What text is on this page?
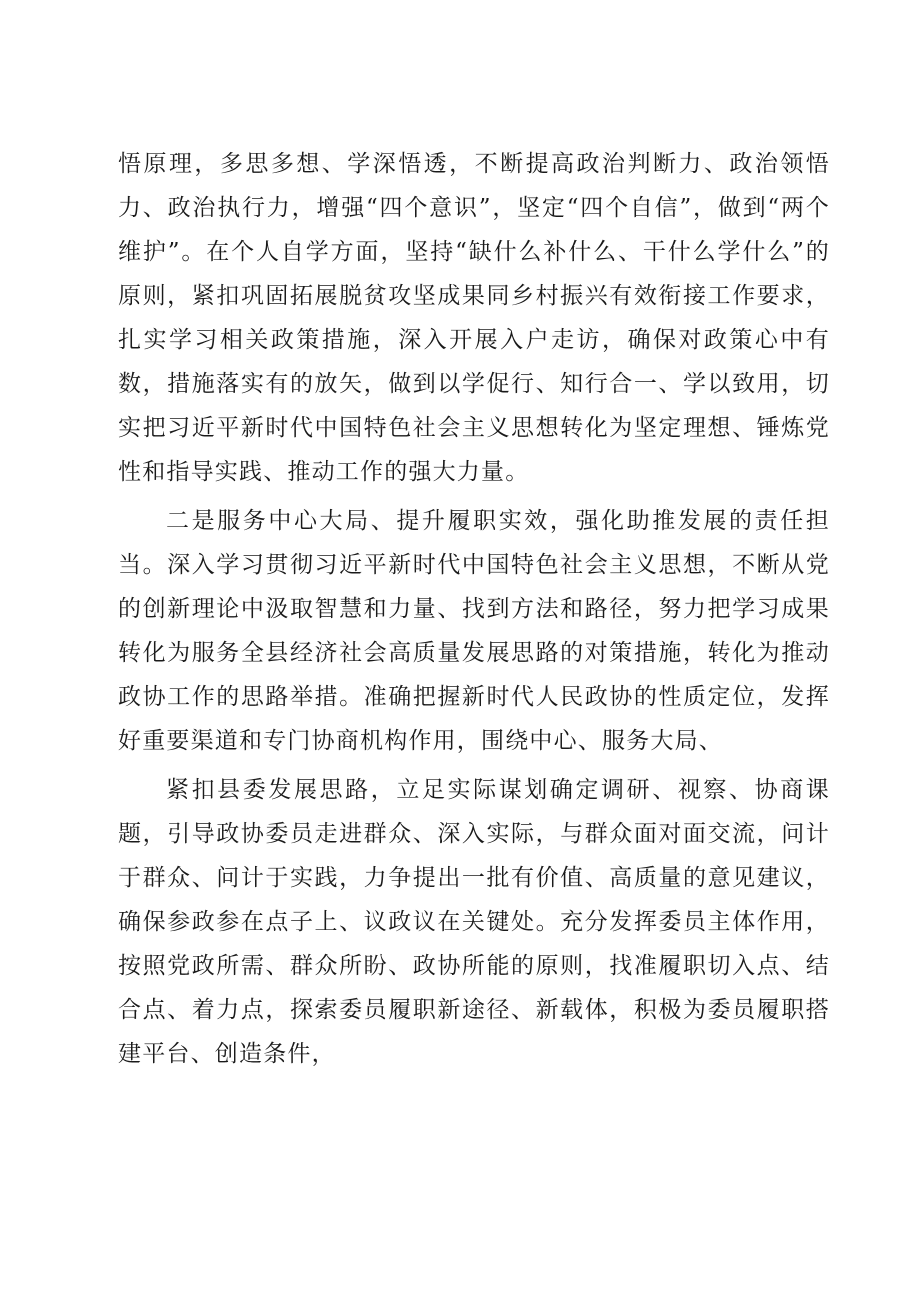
悟原理，多思多想、学深悟透，不断提高政治判断力、政治领悟力、政治执行力，增强“四个意识”，坚定“四个自信”，做到“两个维护”。在个人自学方面，坚持“缺什么补什么、干什么学什么”的原则，紧扣巩固拓展脱贫攻坚成果同乡村振兴有效衔接工作要求，扎实学习相关政策措施，深入开展入户走访，确保对政策心中有数，措施落实有的放矢，做到以学促行、知行合一、学以致用，切实把习近平新时代中国特色社会主义思想转化为坚定理想、锤炼党性和指导实践、推动工作的强大力量。

二是服务中心大局、提升履职实效，强化助推发展的责任担当。深入学习贯彻习近平新时代中国特色社会主义思想，不断从党的创新理论中汲取智慧和力量、找到方法和路径，努力把学习成果转化为服务全县经济社会高质量发展思路的对策措施，转化为推动政协工作的思路举措。准确把握新时代人民政协的性质定位，发挥好重要渠道和专门协商机构作用，围绕中心、服务大局、

紧扣县委发展思路，立足实际谋划确定调研、视察、协商课题，引导政协委员走进群众、深入实际，与群众面对面交流，问计于群众、问计于实践，力争提出一批有价值、高质量的意见建议，确保参政参在点子上、议政议在关键处。充分发挥委员主体作用，按照党政所需、群众所盼、政协所能的原则，找准履职切入点、结合点、着力点，探索委员履职新途径、新载体，积极为委员履职搭建平台、创造条件，
